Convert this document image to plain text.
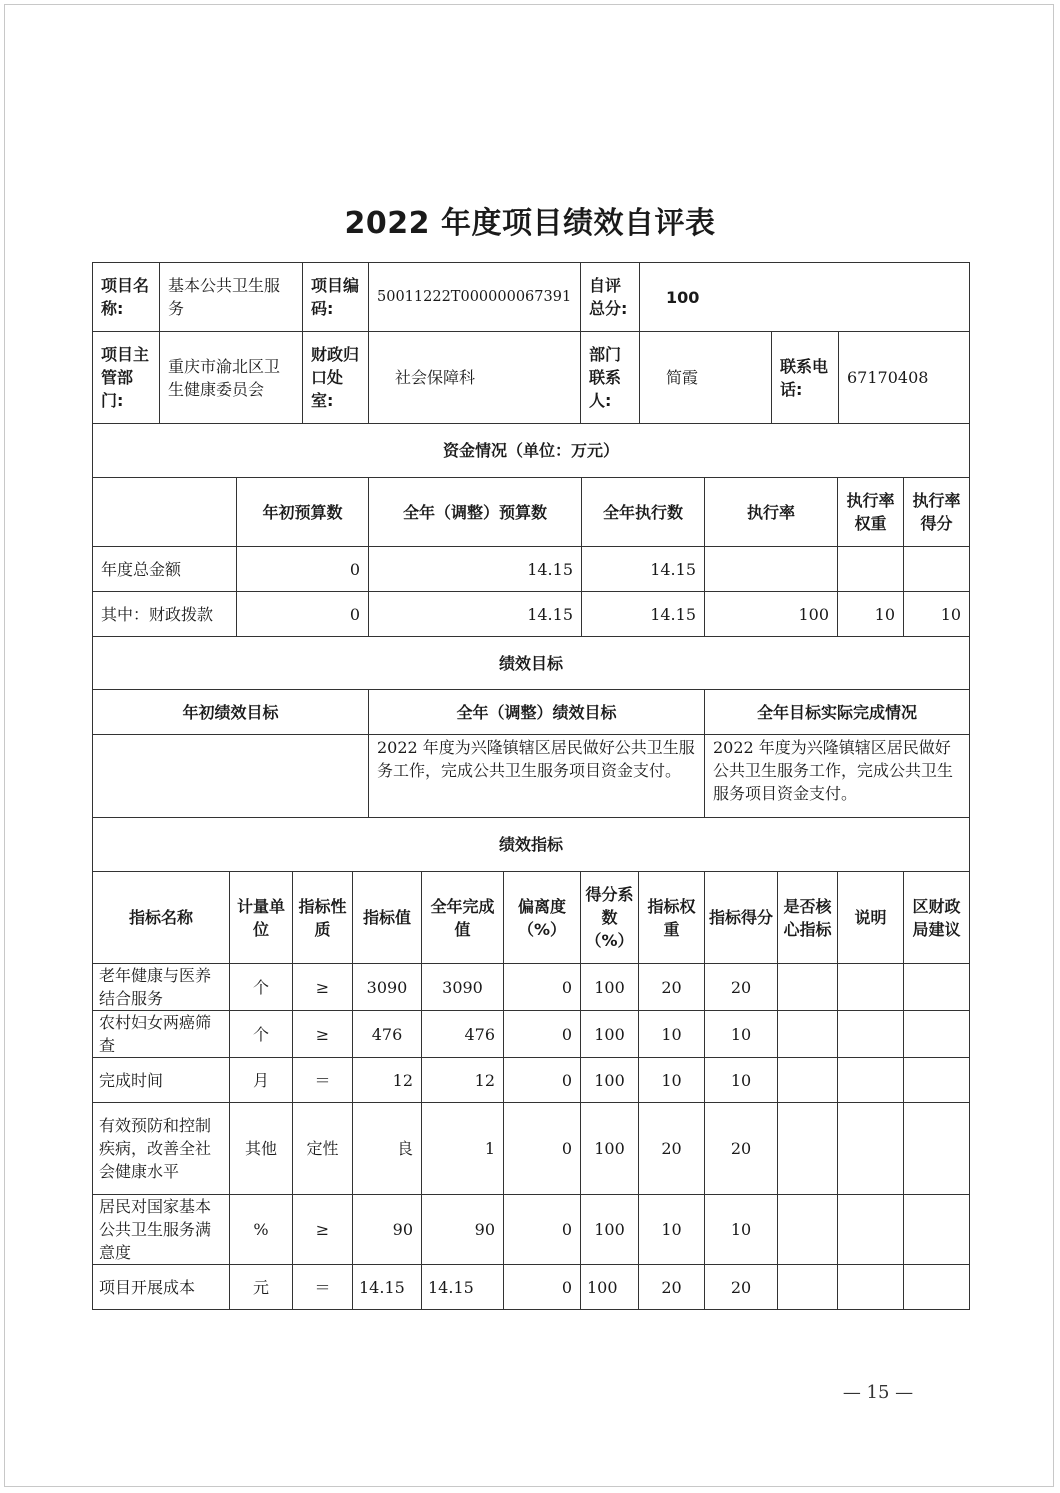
2022 年度项目绩效自评表
项目名称:	基本公共卫生服务	项目编码:	50011222T000000067391	自评总分:	100		
项目主管部门:	重庆市渝北区卫生健康委员会	财政归口处室:	社会保障科	部门联系人:	简霞	联系电话:	67170408
资金情况（单位：万元）						
	年初预算数	全年（调整）预算数	全年执行数	执行率	执行率权重	执行率得分
年度总金额	0	14.15	14.15			
其中：财政拨款	0	14.15	14.15	100	10	10
绩效目标		
年初绩效目标	全年（调整）绩效目标	全年目标实际完成情况
	2022 年度为兴隆镇辖区居民做好公共卫生服务工作，完成公共卫生服务项目资金支付。	2022 年度为兴隆镇辖区居民做好公共卫生服务工作，完成公共卫生服务项目资金支付。
绩效指标											
指标名称	计量单位	指标性质	指标值	全年完成值	偏离度（%）	得分系数（%）	指标权重	指标得分	是否核心指标	说明	区财政局建议
老年健康与医养结合服务	个	≥	3090	3090	0	100	20	20			
农村妇女两癌筛查	个	≥	476	476	0	100	10	10			
完成时间	月	＝	12	12	0	100	10	10			
有效预防和控制疾病，改善全社会健康水平	其他	定性	良	1	0	100	20	20			
居民对国家基本公共卫生服务满意度	%	≥	90	90	0	100	10	10			
项目开展成本	元	＝	14.15	14.15	0	100	20	20			
— 15 —
